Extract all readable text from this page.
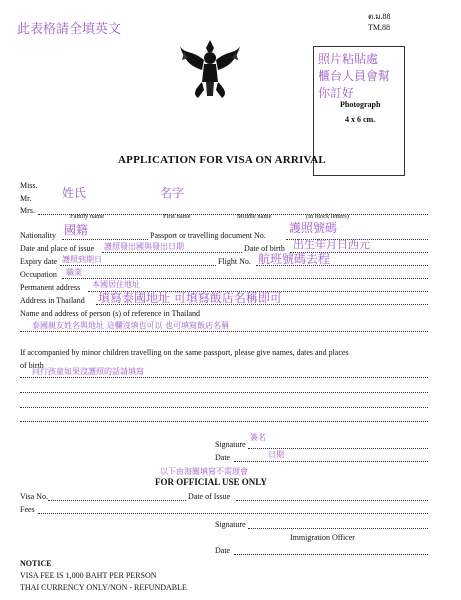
此表格請全填英文
ต.ม.88
TM.88
照片粘貼處
櫃台人員會幫
你訂好
Photograph
4 x 6 cm.
APPLICATION FOR VISA ON ARRIVAL
Miss.
Mr.
Mrs.
姓氏	名字
Family name	First name	Middle name	(in block letters)
Nationality 國籍	Passport or travelling document No.
護照號碼
Date and place of issue 護照發出國與發出日期	Date of birth 出生年月日西元
Expiry date 護照到期日	Flight No. 航班號碼去程
Occupation 職業
Permanent address 本國居住地址
Address in Thailand 填寫泰國地址 可填寫飯店名稱即可
Name and address of person (s) of reference in Thailand
泰國親友姓名與地址 這欄沒填也可以 也可填寫飯店名稱
If accompanied by minor children travelling on the same passport, please give names, dates and places
of birth
同行孩童如果沒護照的話請填寫
簽名
Signature
Date	日期
以下由海關填寫不需理會
FOR OFFICIAL USE ONLY
Visa No.	Date of Issue
Fees
Signature
Immigration Officer
Date
NOTICE
VISA FEE IS 1,000 BAHT PER PERSON
THAI CURRENCY ONLY/NON - REFUNDABLE
